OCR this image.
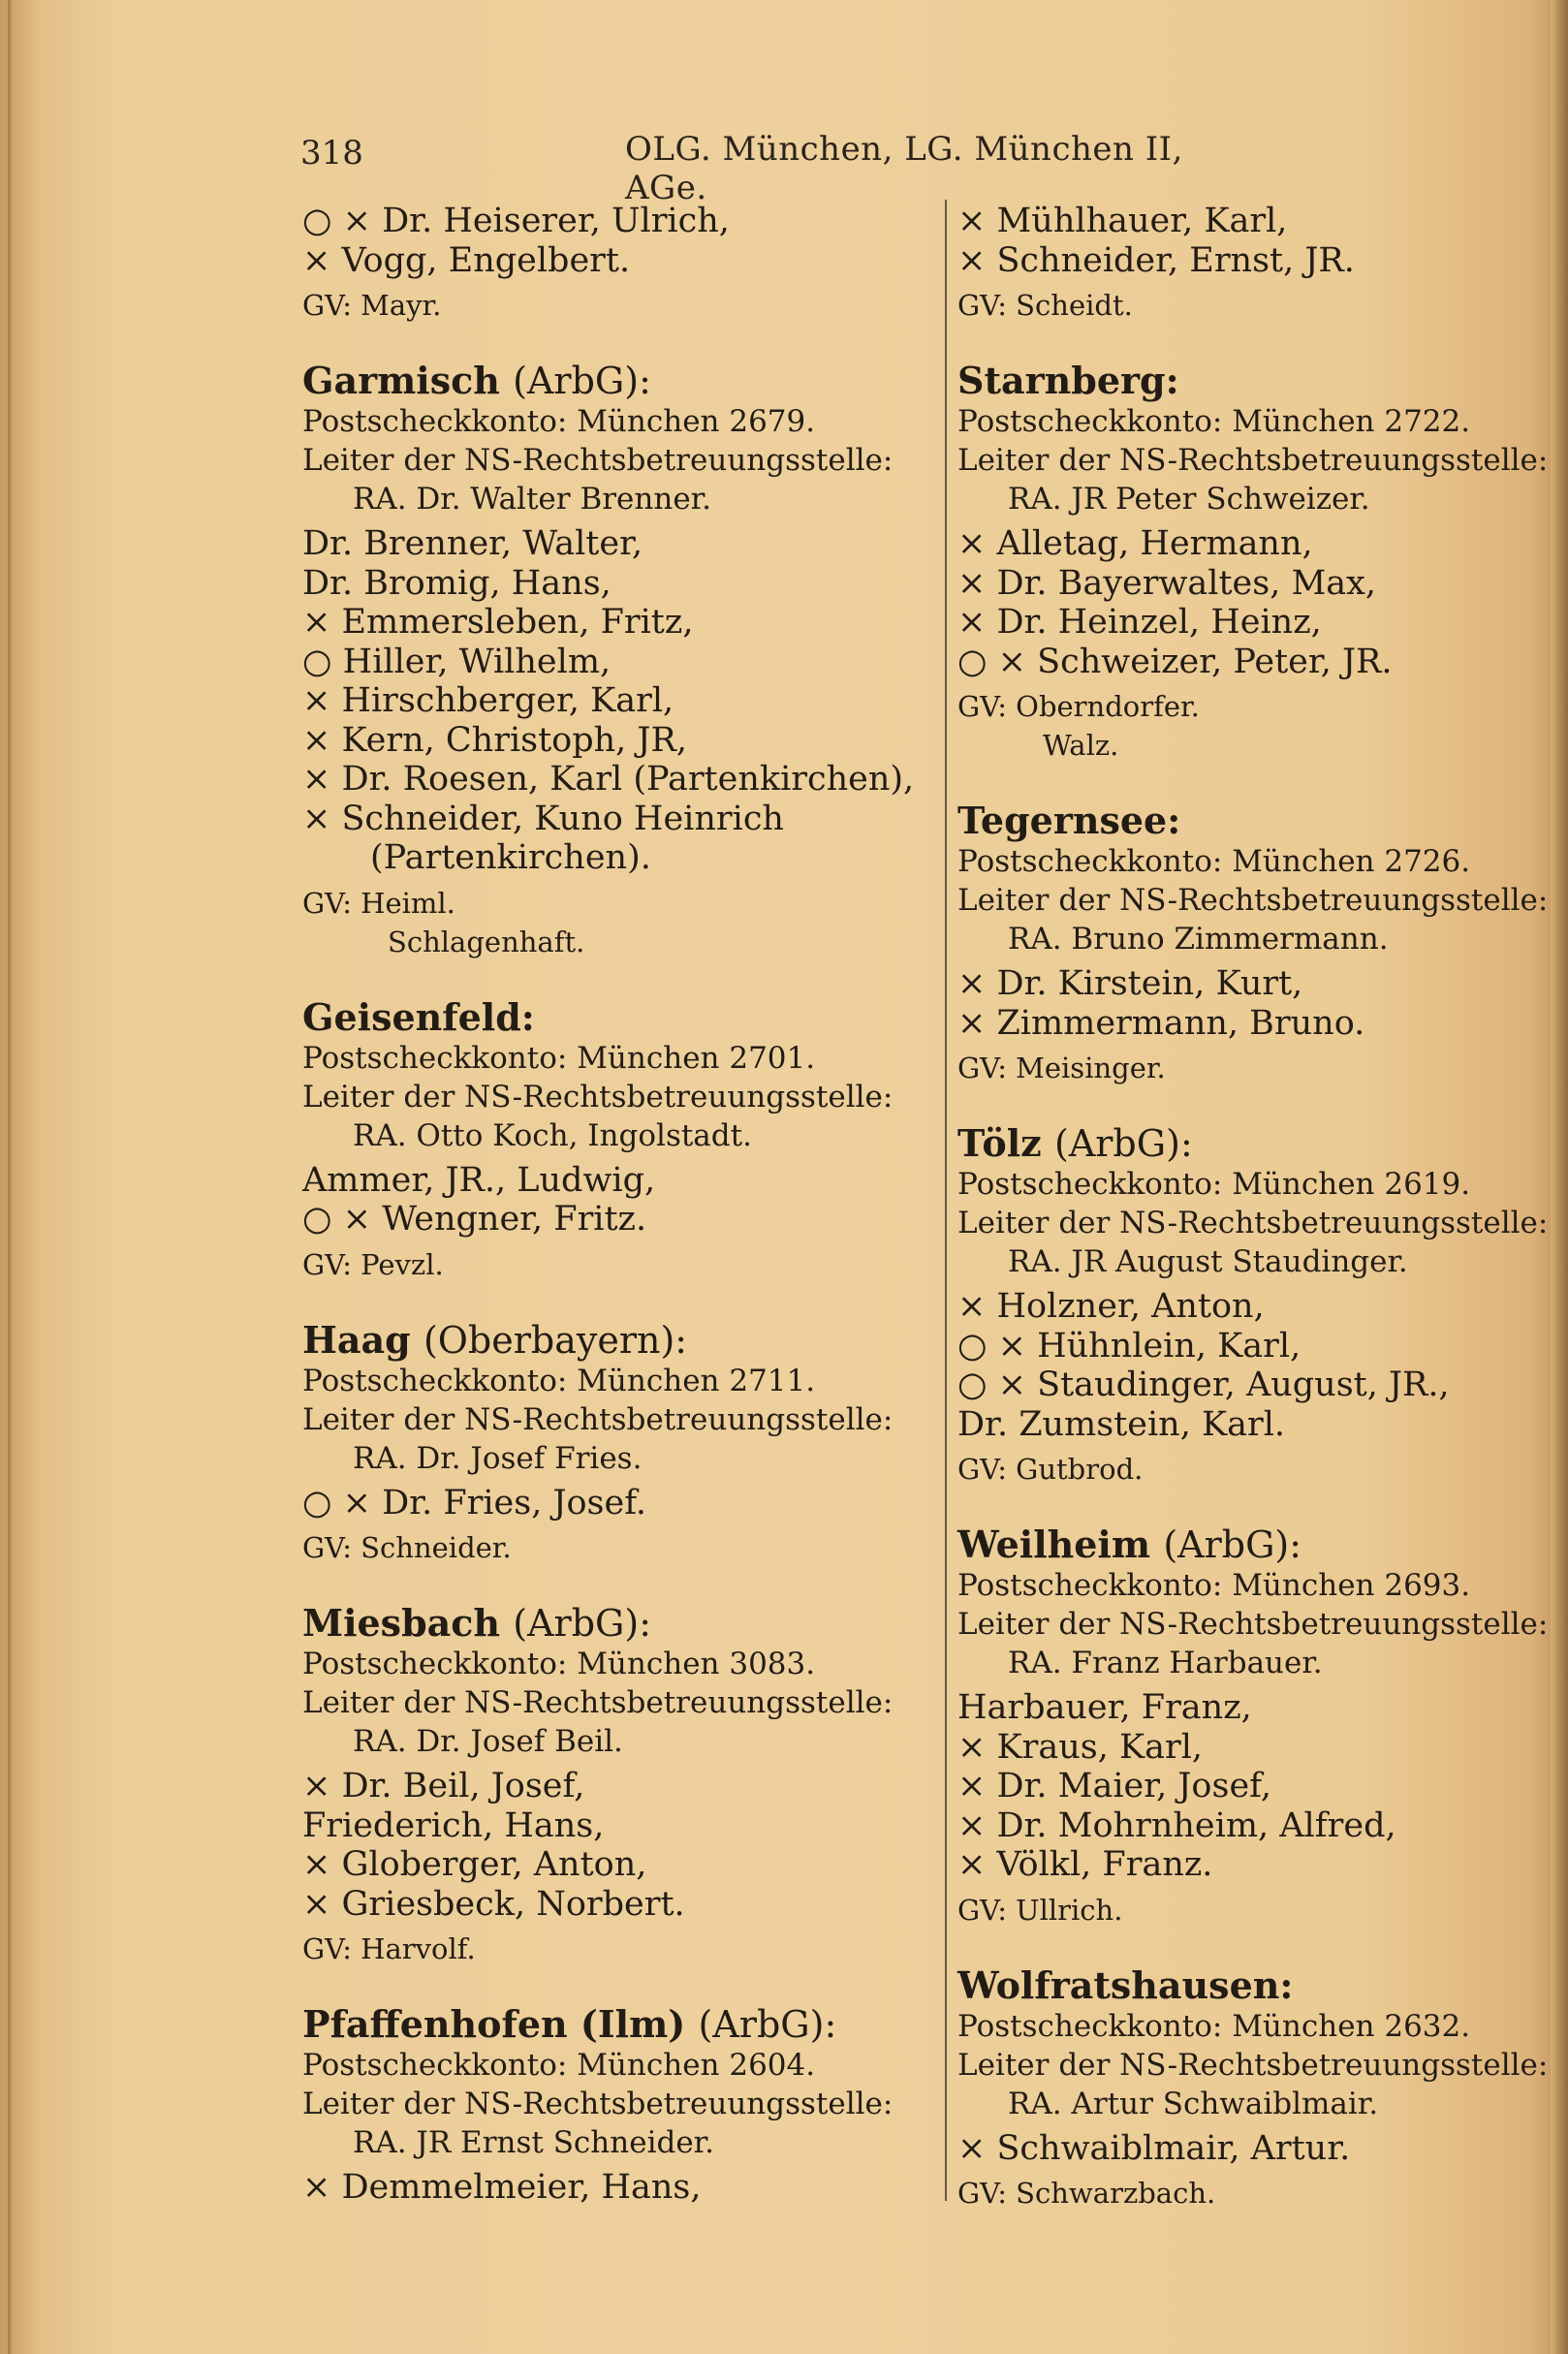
318	OLG. München, LG. München II, AGe.
○ × Dr. Heiserer, Ulrich,
× Vogg, Engelbert.
GV: Mayr.
Garmisch (ArbG):
Postscheckkonto: München 2679.
Leiter der NS-Rechtsbetreuungsstelle:
RA. Dr. Walter Brenner.
Dr. Brenner, Walter,
Dr. Bromig, Hans,
× Emmersleben, Fritz,
○ Hiller, Wilhelm,
× Hirschberger, Karl,
× Kern, Christoph, JR,
× Dr. Roesen, Karl (Partenkirchen),
× Schneider, Kuno Heinrich
(Partenkirchen).
GV: Heiml.
Schlagenhaft.
Geisenfeld:
Postscheckkonto: München 2701.
Leiter der NS-Rechtsbetreuungsstelle:
RA. Otto Koch, Ingolstadt.
Ammer, JR., Ludwig,
○ × Wengner, Fritz.
GV: Pevzl.
Haag (Oberbayern):
Postscheckkonto: München 2711.
Leiter der NS-Rechtsbetreuungsstelle:
RA. Dr. Josef Fries.
○ × Dr. Fries, Josef.
GV: Schneider.
Miesbach (ArbG):
Postscheckkonto: München 3083.
Leiter der NS-Rechtsbetreuungsstelle:
RA. Dr. Josef Beil.
× Dr. Beil, Josef,
Friederich, Hans,
× Globerger, Anton,
× Griesbeck, Norbert.
GV: Harvolf.
Pfaffenhofen (Ilm) (ArbG):
Postscheckkonto: München 2604.
Leiter der NS-Rechtsbetreuungsstelle:
RA. JR Ernst Schneider.
× Demmelmeier, Hans,
× Mühlhauer, Karl,
× Schneider, Ernst, JR.
GV: Scheidt.
Starnberg:
Postscheckkonto: München 2722.
Leiter der NS-Rechtsbetreuungsstelle:
RA. JR Peter Schweizer.
× Alletag, Hermann,
× Dr. Bayerwaltes, Max,
× Dr. Heinzel, Heinz,
○ × Schweizer, Peter, JR.
GV: Oberndorfer.
Walz.
Tegernsee:
Postscheckkonto: München 2726.
Leiter der NS-Rechtsbetreuungsstelle:
RA. Bruno Zimmermann.
× Dr. Kirstein, Kurt,
× Zimmermann, Bruno.
GV: Meisinger.
Tölz (ArbG):
Postscheckkonto: München 2619.
Leiter der NS-Rechtsbetreuungsstelle:
RA. JR August Staudinger.
× Holzner, Anton,
○ × Hühnlein, Karl,
○ × Staudinger, August, JR.,
Dr. Zumstein, Karl.
GV: Gutbrod.
Weilheim (ArbG):
Postscheckkonto: München 2693.
Leiter der NS-Rechtsbetreuungsstelle:
RA. Franz Harbauer.
Harbauer, Franz,
× Kraus, Karl,
× Dr. Maier, Josef,
× Dr. Mohrnheim, Alfred,
× Völkl, Franz.
GV: Ullrich.
Wolfratshausen:
Postscheckkonto: München 2632.
Leiter der NS-Rechtsbetreuungsstelle:
RA. Artur Schwaiblmair.
× Schwaiblmair, Artur.
GV: Schwarzbach.
